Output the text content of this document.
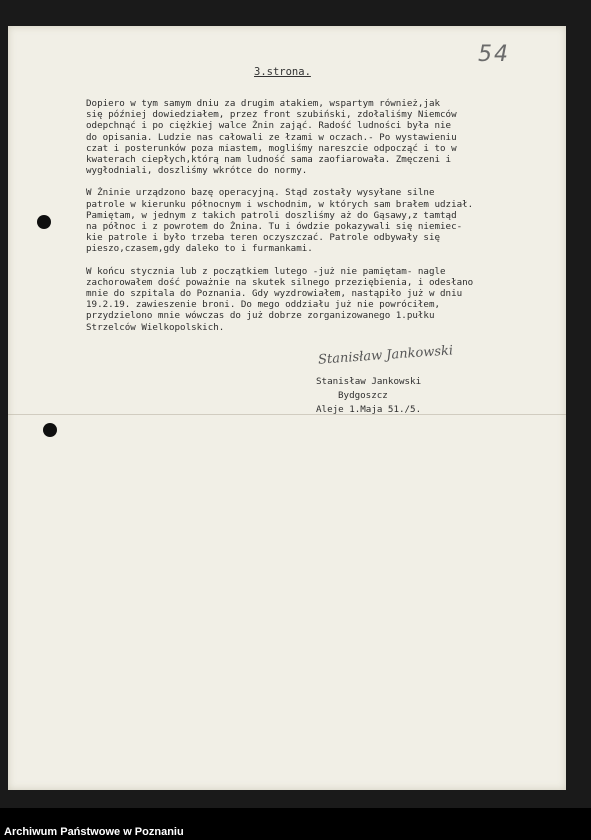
3.strona.
54

Dopiero w tym samym dniu za drugim atakiem, wspartym również,jak
się później dowiedziałem, przez front szubiński, zdołaliśmy Niemców
odepchnąć i po ciężkiej walce Żnin zająć. Radość ludności była nie
do opisania. Ludzie nas całowali ze łzami w oczach.- Po wystawieniu
czat i posterunków poza miastem, mogliśmy nareszcie odpocząć i to w
kwaterach ciepłych,którą nam ludność sama zaofiarowała. Zmęczeni i
wygłodniali, doszliśmy wkrótce do normy.

W Żninie urządzono bazę operacyjną. Stąd zostały wysyłane silne
patrole w kierunku północnym i wschodnim, w których sam brałem udział.
Pamiętam, w jednym z takich patroli doszliśmy aż do Gąsawy,z tamtąd
na północ i z powrotem do Żnina. Tu i ówdzie pokazywali się niemiec-
kie patrole i było trzeba teren oczyszczać. Patrole odbywały się
pieszo,czasem,gdy daleko to i furmankami.

W końcu stycznia lub z początkiem lutego -już nie pamiętam- nagle
zachorowałem dość poważnie na skutek silnego przeziębienia, i odesłano
mnie do szpitala do Poznania. Gdy wyzdrowiałem, nastąpiło już w dniu
19.2.19. zawieszenie broni. Do mego oddziału już nie powróciłem,
przydzielono mnie wówczas do już dobrze zorganizowanego 1.pułku
Strzelców Wielkopolskich.

Stanisław Jankowski
Stanisław Jankowski
Bydgoszcz
Aleje 1.Maja 51./5.
Archiwum Państwowe w Poznaniu
